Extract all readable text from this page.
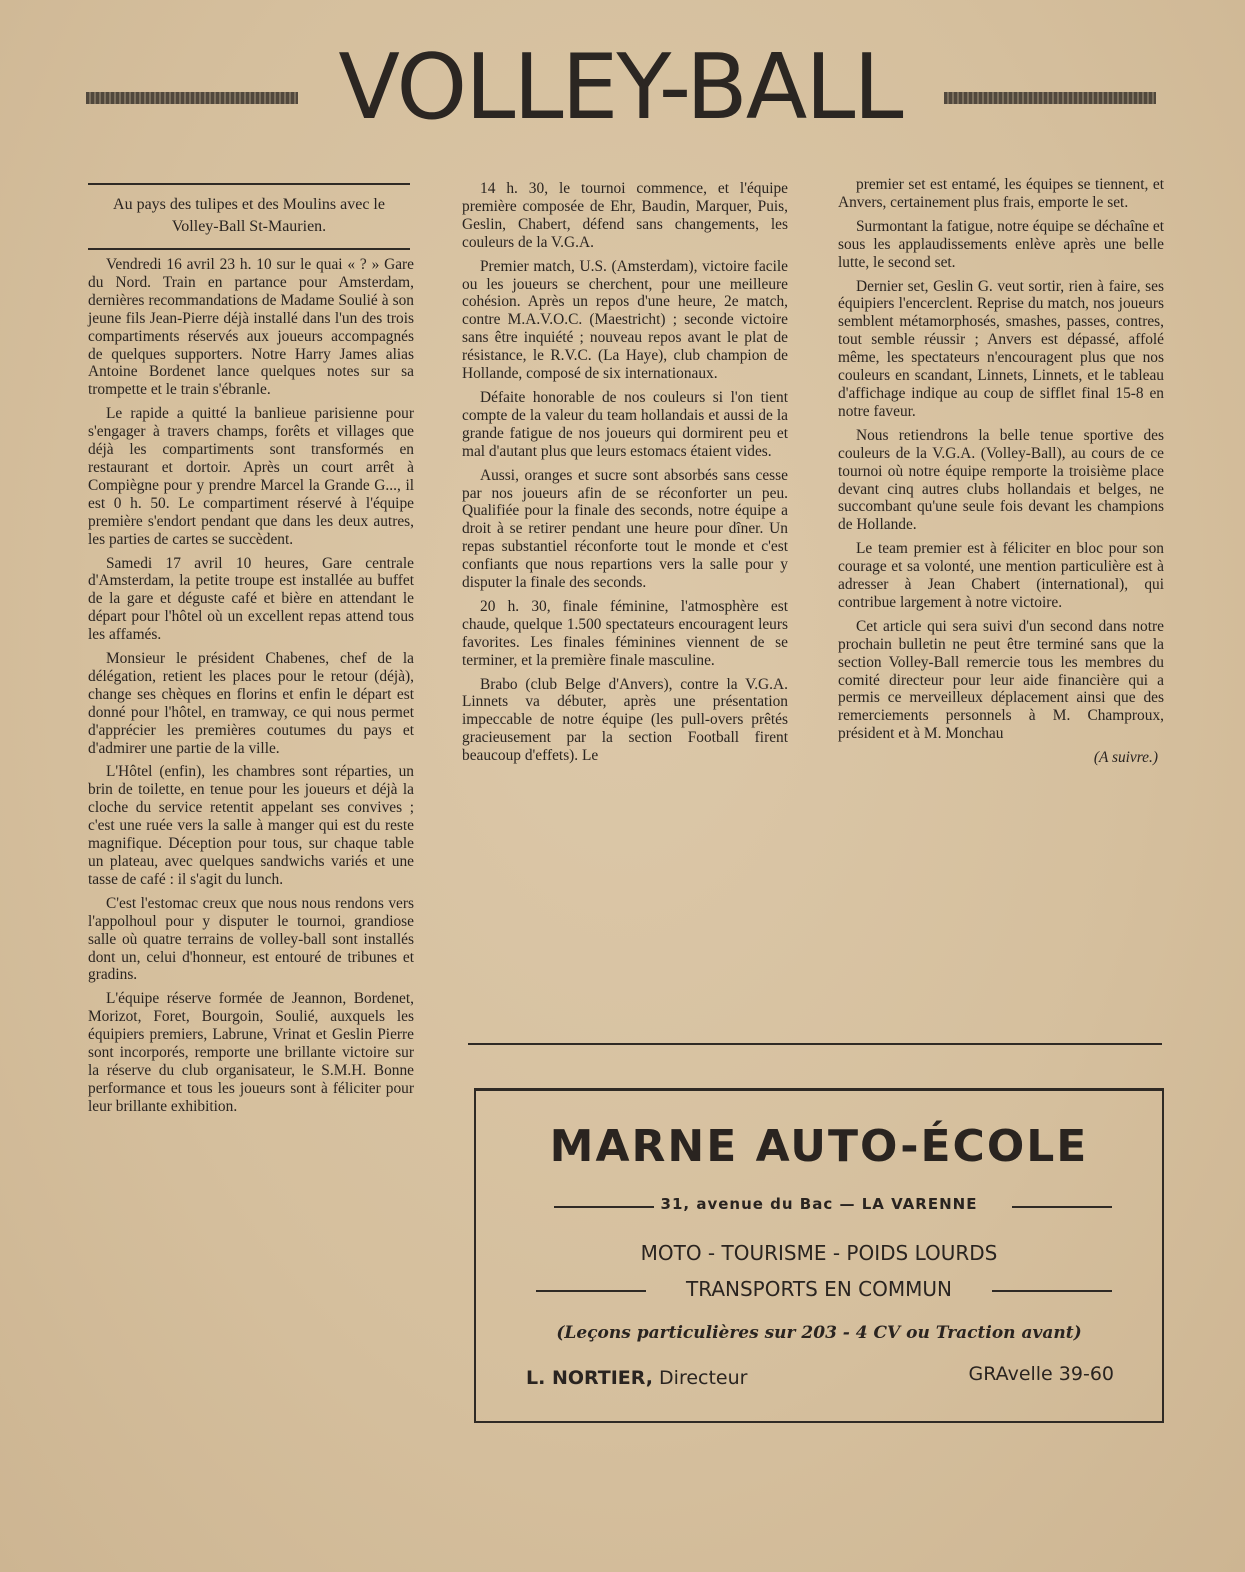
VOLLEY-BALL
Au pays des tulipes et des Moulins avec le Volley-Ball St-Maurien.

Vendredi 16 avril 23 h. 10 sur le quai « ? » Gare du Nord. Train en partance pour Amsterdam, dernières recommandations de Madame Soulié à son jeune fils Jean-Pierre déjà installé dans l'un des trois compartiments réservés aux joueurs accompagnés de quelques supporters. Notre Harry James alias Antoine Bordenet lance quelques notes sur sa trompette et le train s'ébranle.

Le rapide a quitté la banlieue parisienne pour s'engager à travers champs, forêts et villages que déjà les compartiments sont transformés en restaurant et dortoir. Après un court arrêt à Compiègne pour y prendre Marcel la Grande G..., il est 0 h. 50. Le compartiment réservé à l'équipe première s'endort pendant que dans les deux autres, les parties de cartes se succèdent.

Samedi 17 avril 10 heures, Gare centrale d'Amsterdam, la petite troupe est installée au buffet de la gare et déguste café et bière en attendant le départ pour l'hôtel où un excellent repas attend tous les affamés.

Monsieur le président Chabenes, chef de la délégation, retient les places pour le retour (déjà), change ses chèques en florins et enfin le départ est donné pour l'hôtel, en tramway, ce qui nous permet d'apprécier les premières coutumes du pays et d'admirer une partie de la ville.

L'Hôtel (enfin), les chambres sont réparties, un brin de toilette, en tenue pour les joueurs et déjà la cloche du service retentit appelant ses convives ; c'est une ruée vers la salle à manger qui est du reste magnifique. Déception pour tous, sur chaque table un plateau, avec quelques sandwichs variés et une tasse de café : il s'agit du lunch.

C'est l'estomac creux que nous nous rendons vers l'appolhoul pour y disputer le tournoi, grandiose salle où quatre terrains de volley-ball sont installés dont un, celui d'honneur, est entouré de tribunes et gradins.

L'équipe réserve formée de Jeannon, Bordenet, Morizot, Foret, Bourgoin, Soulié, auxquels les équipiers premiers, Labrune, Vrinat et Geslin Pierre sont incorporés, remporte une brillante victoire sur la réserve du club organisateur, le S.M.H. Bonne performance et tous les joueurs sont à féliciter pour leur brillante exhibition.

14 h. 30, le tournoi commence, et l'équipe première composée de Ehr, Baudin, Marquer, Puis, Geslin, Chabert, défend sans changements, les couleurs de la V.G.A.

Premier match, U.S. (Amsterdam), victoire facile ou les joueurs se cherchent, pour une meilleure cohésion. Après un repos d'une heure, 2e match, contre M.A.V.O.C. (Maestricht) ; seconde victoire sans être inquiété ; nouveau repos avant le plat de résistance, le R.V.C. (La Haye), club champion de Hollande, composé de six internationaux.

Défaite honorable de nos couleurs si l'on tient compte de la valeur du team hollandais et aussi de la grande fatigue de nos joueurs qui dormirent peu et mal d'autant plus que leurs estomacs étaient vides.

Aussi, oranges et sucre sont absorbés sans cesse par nos joueurs afin de se réconforter un peu. Qualifiée pour la finale des seconds, notre équipe a droit à se retirer pendant une heure pour dîner. Un repas substantiel réconforte tout le monde et c'est confiants que nous repartions vers la salle pour y disputer la finale des seconds.

20 h. 30, finale féminine, l'atmosphère est chaude, quelque 1.500 spectateurs encouragent leurs favorites. Les finales féminines viennent de se terminer, et la première finale masculine.

Brabo (club Belge d'Anvers), contre la V.G.A. Linnets va débuter, après une présentation impeccable de notre équipe (les pull-overs prêtés gracieusement par la section Football firent beaucoup d'effets). Le

premier set est entamé, les équipes se tiennent, et Anvers, certainement plus frais, emporte le set.

Surmontant la fatigue, notre équipe se déchaîne et sous les applaudissements enlève après une belle lutte, le second set.

Dernier set, Geslin G. veut sortir, rien à faire, ses équipiers l'encerclent. Reprise du match, nos joueurs semblent métamorphosés, smashes, passes, contres, tout semble réussir ; Anvers est dépassé, affolé même, les spectateurs n'encouragent plus que nos couleurs en scandant, Linnets, Linnets, et le tableau d'affichage indique au coup de sifflet final 15-8 en notre faveur.

Nous retiendrons la belle tenue sportive des couleurs de la V.G.A. (Volley-Ball), au cours de ce tournoi où notre équipe remporte la troisième place devant cinq autres clubs hollandais et belges, ne succombant qu'une seule fois devant les champions de Hollande.

Le team premier est à féliciter en bloc pour son courage et sa volonté, une mention particulière est à adresser à Jean Chabert (international), qui contribue largement à notre victoire.

Cet article qui sera suivi d'un second dans notre prochain bulletin ne peut être terminé sans que la section Volley-Ball remercie tous les membres du comité directeur pour leur aide financière qui a permis ce merveilleux déplacement ainsi que des remerciements personnels à M. Champroux, président et à M. Monchau

(A suivre.)

MARNE AUTO-ÉCOLE
31, avenue du Bac — LA VARENNE
MOTO - TOURISME - POIDS LOURDS
TRANSPORTS EN COMMUN
(Leçons particulières sur 203 - 4 CV ou Traction avant)
L. NORTIER, Directeur	GRAvelle 39-60
